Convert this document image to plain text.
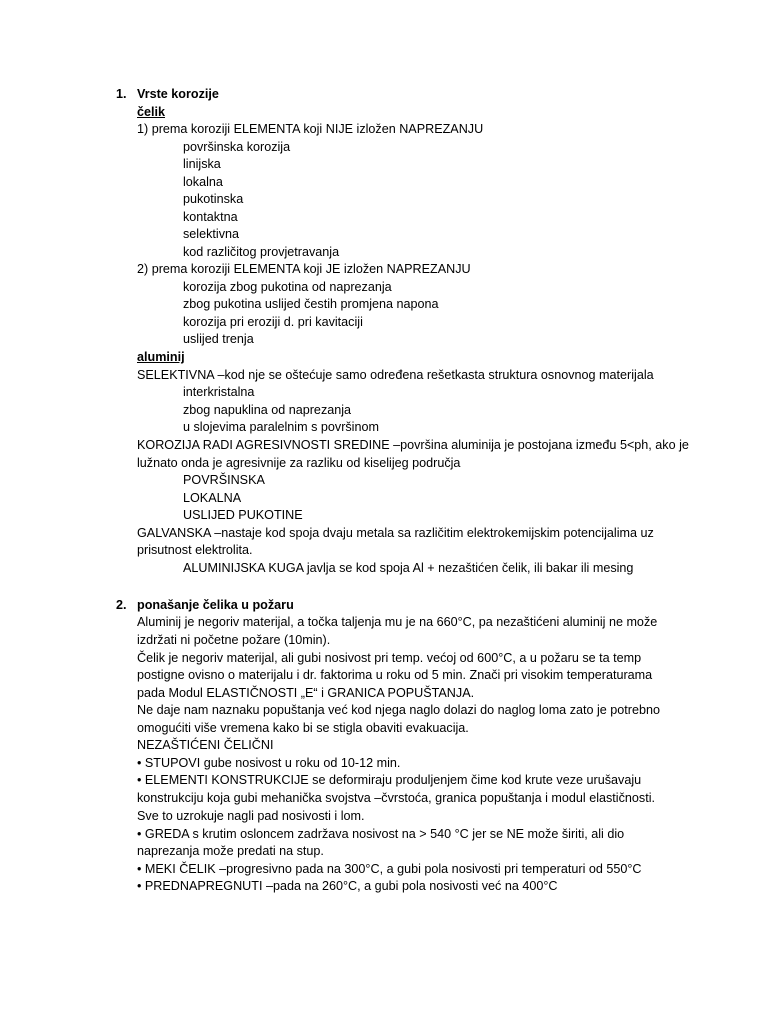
1. Vrste korozije
čelik
1) prema koroziji ELEMENTA koji NIJE izložen NAPREZANJU
površinska korozija
linijska
lokalna
pukotinska
kontaktna
selektivna
kod različitog provjetravanja
2) prema koroziji ELEMENTA koji JE izložen NAPREZANJU
korozija zbog pukotina od naprezanja
zbog pukotina uslijed čestih promjena napona
korozija pri eroziji d. pri kavitaciji
uslijed trenja
aluminij
SELEKTIVNA –kod nje se oštećuje samo određena rešetkasta struktura osnovnog materijala
interkristalna
zbog napuklina od naprezanja
u slojevima paralelnim s površinom
KOROZIJA RADI AGRESIVNOSTI SREDINE –površina aluminija je postojana između 5<ph, ako je
lužnato onda je agresivnije za razliku od kiselijeg područja
POVRŠINSKA
LOKALNA
USLIJED PUKOTINE
GALVANSKA –nastaje kod spoja dvaju metala sa različitim elektrokemijskim potencijalima uz
prisutnost elektrolita.
ALUMINIJSKA KUGA javlja se kod spoja Al + nezaštićen čelik, ili bakar ili mesing
2. ponašanje čelika u požaru
Aluminij je negoriv materijal, a točka taljenja mu je na 660°C, pa nezaštićeni aluminij ne može
izdržati ni početne požare (10min).
Čelik je negoriv materijal, ali gubi nosivost pri temp. većoj od 600°C, a u požaru se ta temp
postigne ovisno o materijalu i dr. faktorima u roku od 5 min. Znači pri visokim temperaturama
pada Modul ELASTIČNOSTI „E“ i GRANICA POPUŠTANJA.
Ne daje nam naznaku popuštanja već kod njega naglo dolazi do naglog loma zato je potrebno
omogućiti više vremena kako bi se stigla obaviti evakuacija.
NEZAŠTIĆENI ČELIČNI
• STUPOVI gube nosivost u roku od 10-12 min.
• ELEMENTI KONSTRUKCIJE se deformiraju produljenjem čime kod krute veze urušavaju
konstrukciju koja gubi mehanička svojstva –čvrstoća, granica popuštanja i modul elastičnosti.
Sve to uzrokuje nagli pad nosivosti i lom.
• GREDA s krutim osloncem zadržava nosivost na > 540 °C jer se NE može širiti, ali dio
naprezanja može predati na stup.
• MEKI ČELIK –progresivno pada na 300°C, a gubi pola nosivosti pri temperaturi od 550°C
• PREDNAPREGNUTI –pada na 260°C, a gubi pola nosivosti već na 400°C
